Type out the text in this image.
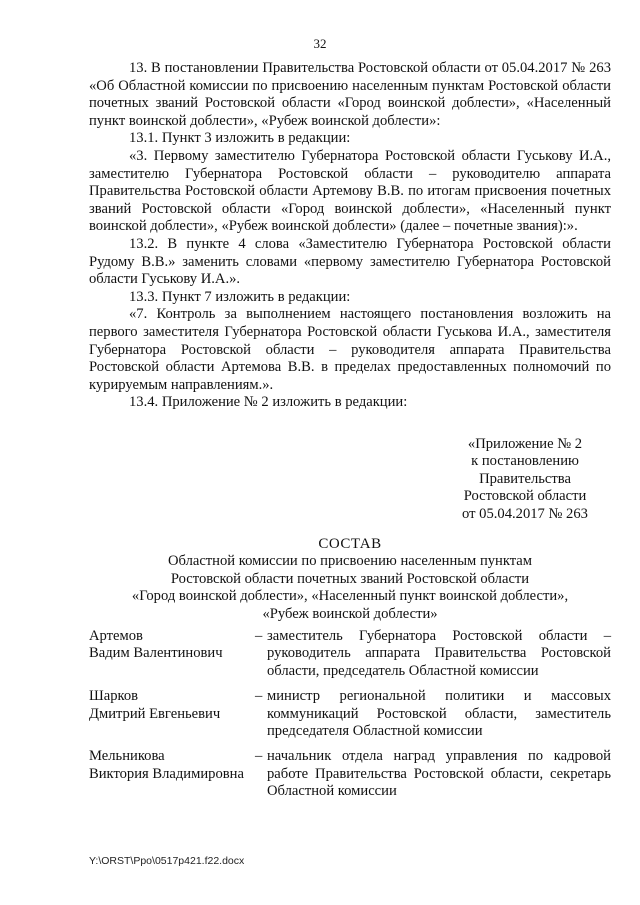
32

13. В постановлении Правительства Ростовской области от 05.04.2017 № 263 «Об Областной комиссии по присвоению населенным пунктам Ростовской области почетных званий Ростовской области «Город воинской доблести», «Населенный пункт воинской доблести», «Рубеж воинской доблести»:

13.1. Пункт 3 изложить в редакции:

«3. Первому заместителю Губернатора Ростовской области Гуськову И.А., заместителю Губернатора Ростовской области – руководителю аппарата Правительства Ростовской области Артемову В.В. по итогам присвоения почетных званий Ростовской области «Город воинской доблести», «Населенный пункт воинской доблести», «Рубеж воинской доблести» (далее – почетные звания):».

13.2. В пункте 4 слова «Заместителю Губернатора Ростовской области Рудому В.В.» заменить словами «первому заместителю Губернатора Ростовской области Гуськову И.А.».

13.3. Пункт 7 изложить в редакции:

«7. Контроль за выполнением настоящего постановления возложить на первого заместителя Губернатора Ростовской области Гуськова И.А., заместителя Губернатора Ростовской области – руководителя аппарата Правительства Ростовской области Артемова В.В. в пределах предоставленных полномочий по курируемым направлениям.».

13.4. Приложение № 2 изложить в редакции:

«Приложение № 2
к постановлению
Правительства
Ростовской области
от 05.04.2017 № 263
СОСТАВ
Областной комиссии по присвоению населенным пунктам
Ростовской области почетных званий Ростовской области
«Город воинской доблести», «Населенный пункт воинской доблести»,
«Рубеж воинской доблести»
Артемов
Вадим Валентинович
– заместитель Губернатора Ростовской области – руководитель аппарата Правительства Ростовской области, председатель Областной комиссии
Шарков
Дмитрий Евгеньевич
– министр региональной политики и массовых коммуникаций Ростовской области, заместитель председателя Областной комиссии
Мельникова
Виктория Владимировна
– начальник отдела наград управления по кадровой работе Правительства Ростовской области, секретарь Областной комиссии
Y:\ORST\Ppo\0517p421.f22.docx
